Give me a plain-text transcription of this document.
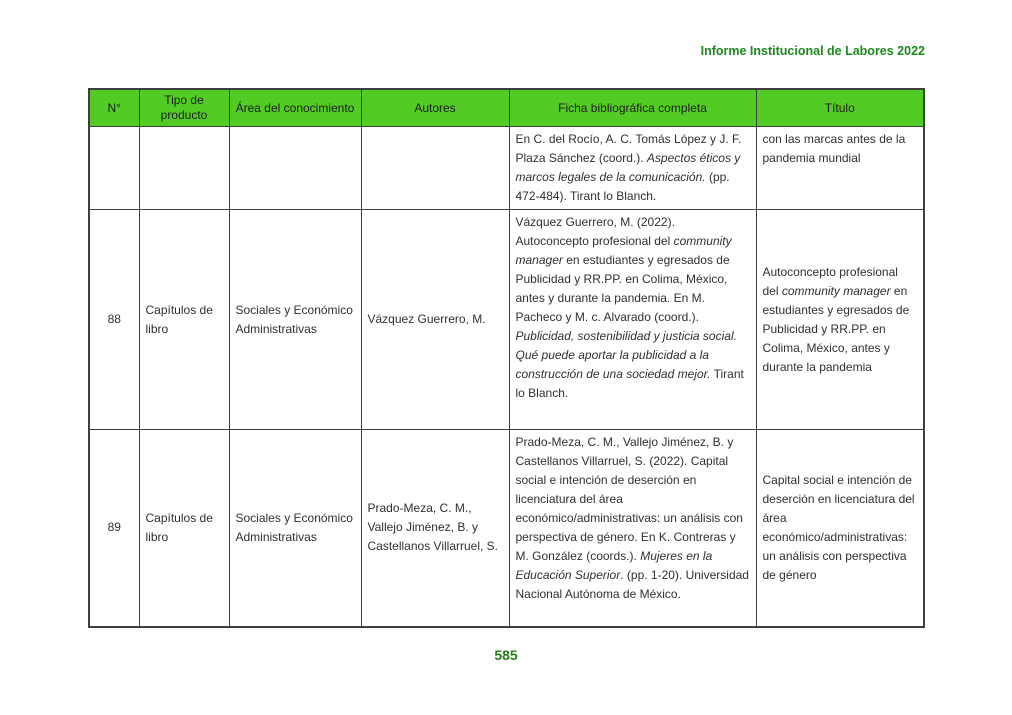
Informe Institucional de Labores 2022
N°	Tipo de producto	Área del conocimiento	Autores	Ficha bibliográfica completa	Título
				En C. del Rocío, A. C. Tomás López y J. F. Plaza Sánchez (coord.). Aspectos éticos y marcos legales de la comunicación. (pp. 472-484). Tirant lo Blanch.	con las marcas antes de la pandemia mundial
88	Capítulos de libro	Sociales y Económico Administrativas	Vázquez Guerrero, M.	Vázquez Guerrero, M. (2022). Autoconcepto profesional del community manager en estudiantes y egresados de Publicidad y RR.PP. en Colima, México, antes y durante la pandemia. En M. Pacheco y M. c. Alvarado (coord.). Publicidad, sostenibilidad y justicia social. Qué puede aportar la publicidad a la construcción de una sociedad mejor. Tirant lo Blanch.	Autoconcepto profesional del community manager en estudiantes y egresados de Publicidad y RR.PP. en Colima, México, antes y durante la pandemia
89	Capítulos de libro	Sociales y Económico Administrativas	Prado-Meza, C. M., Vallejo Jiménez, B. y Castellanos Villarruel, S.	Prado-Meza, C. M., Vallejo Jiménez, B. y Castellanos Villarruel, S. (2022). Capital social e intención de deserción en licenciatura del área económico/administrativas: un análisis con perspectiva de género. En K. Contreras y M. González (coords.). Mujeres en la Educación Superior. (pp. 1-20). Universidad Nacional Autónoma de México.	Capital social e intención de deserción en licenciatura del área económico/administrativas: un análisis con perspectiva de género
585
